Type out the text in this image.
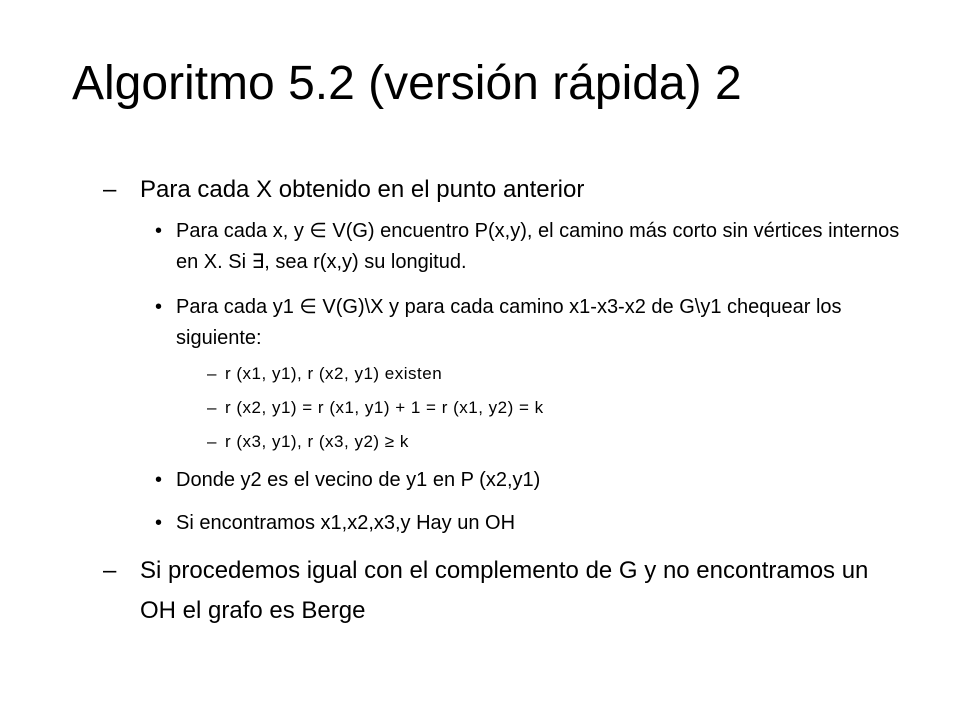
Algoritmo 5.2 (versión rápida) 2
– Para cada X obtenido en el punto anterior
• Para cada x, y ∈ V(G) encuentro P(x,y), el camino más corto sin vértices internos en X. Si ∃, sea r(x,y) su longitud.
• Para cada y1 ∈ V(G)\X y para cada camino x1-x3-x2 de G\y1 chequear los siguiente:
– r (x1, y1), r (x2, y1) existen
– r (x2, y1) = r (x1, y1) + 1 = r (x1, y2) = k
– r (x3, y1), r (x3, y2) ≥ k
• Donde y2 es el vecino de y1 en P (x2,y1)
• Si encontramos x1,x2,x3,y Hay un OH
– Si procedemos igual con el complemento de G y no encontramos un OH el grafo es Berge
